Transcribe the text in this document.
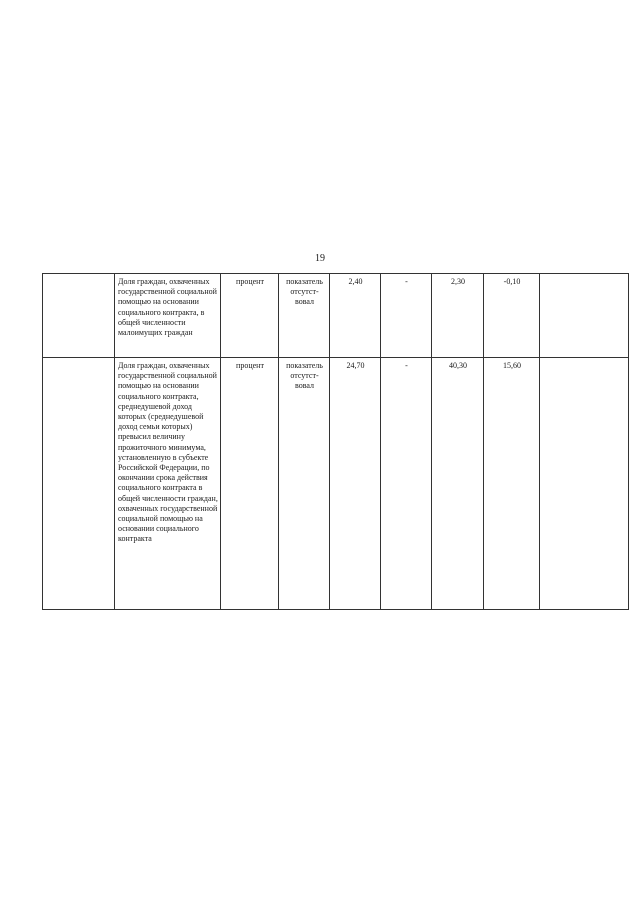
19
	Доля граждан, охваченных государственной социальной помощью на основании социального контракта, в общей численности малоимущих граждан	процент	показатель отсутст-вовал	2,40	-	2,30	-0,10	
	Доля граждан, охваченных государственной социальной помощью на основании социального контракта, среднедушевой доход которых (среднедушевой доход семьи которых) превысил величину прожиточного минимума, установленную в субъекте Российской Федерации, по окончании срока действия социального контракта в общей численности граждан, охваченных государственной социальной помощью на основании социального контракта	процент	показатель отсутст-вовал	24,70	-	40,30	15,60	
